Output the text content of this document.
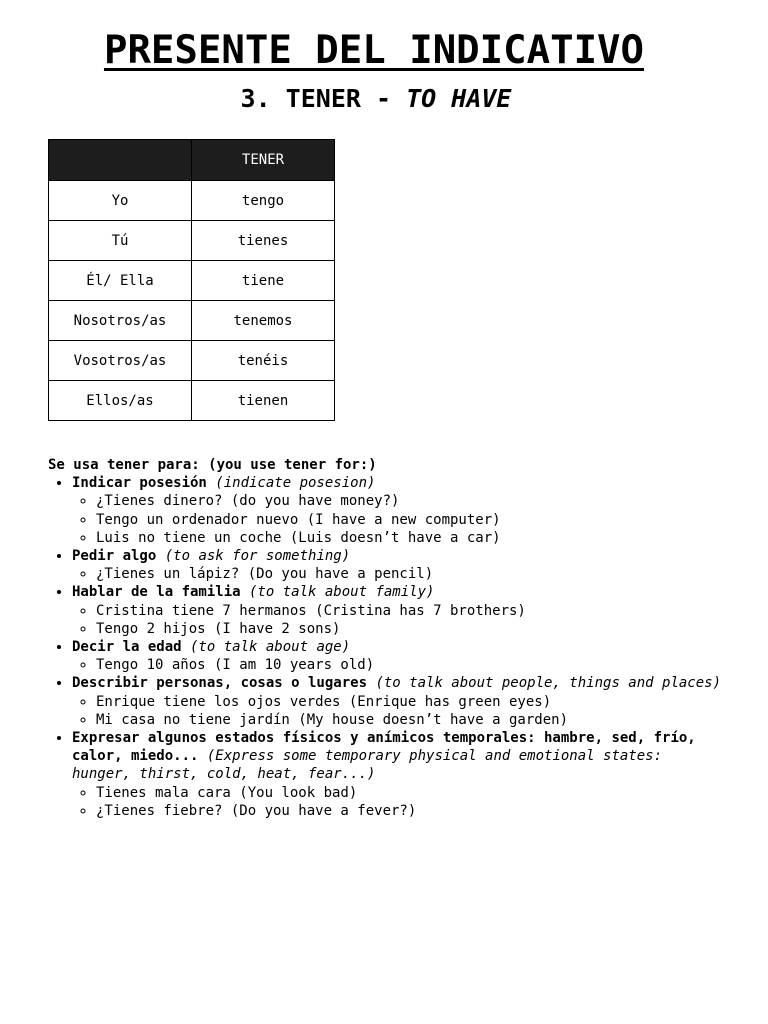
PRESENTE DEL INDICATIVO
3. TENER - TO HAVE
	TENER
Yo	tengo
Tú	tienes
Él/ Ella	tiene
Nosotros/as	tenemos
Vosotros/as	tenéis
Ellos/as	tienen
Se usa tener para: (you use tener for:)
• Indicar posesión (indicate posesion)
◦ ¿Tienes dinero? (do you have money?)
◦ Tengo un ordenador nuevo (I have a new computer)
◦ Luis no tiene un coche (Luis doesn’t have a car)
• Pedir algo (to ask for something)
◦ ¿Tienes un lápiz? (Do you have a pencil)
• Hablar de la familia (to talk about family)
◦ Cristina tiene 7 hermanos (Cristina has 7 brothers)
◦ Tengo 2 hijos (I have 2 sons)
• Decir la edad (to talk about age)
◦ Tengo 10 años (I am 10 years old)
• Describir personas, cosas o lugares (to talk about people, things and places)
◦ Enrique tiene los ojos verdes (Enrique has green eyes)
◦ Mi casa no tiene jardín (My house doesn’t have a garden)
• Expresar algunos estados físicos y anímicos temporales: hambre, sed, frío, calor, miedo... (Express some temporary physical and emotional states: hunger, thirst, cold, heat, fear...)
◦ Tienes mala cara (You look bad)
◦ ¿Tienes fiebre? (Do you have a fever?)
